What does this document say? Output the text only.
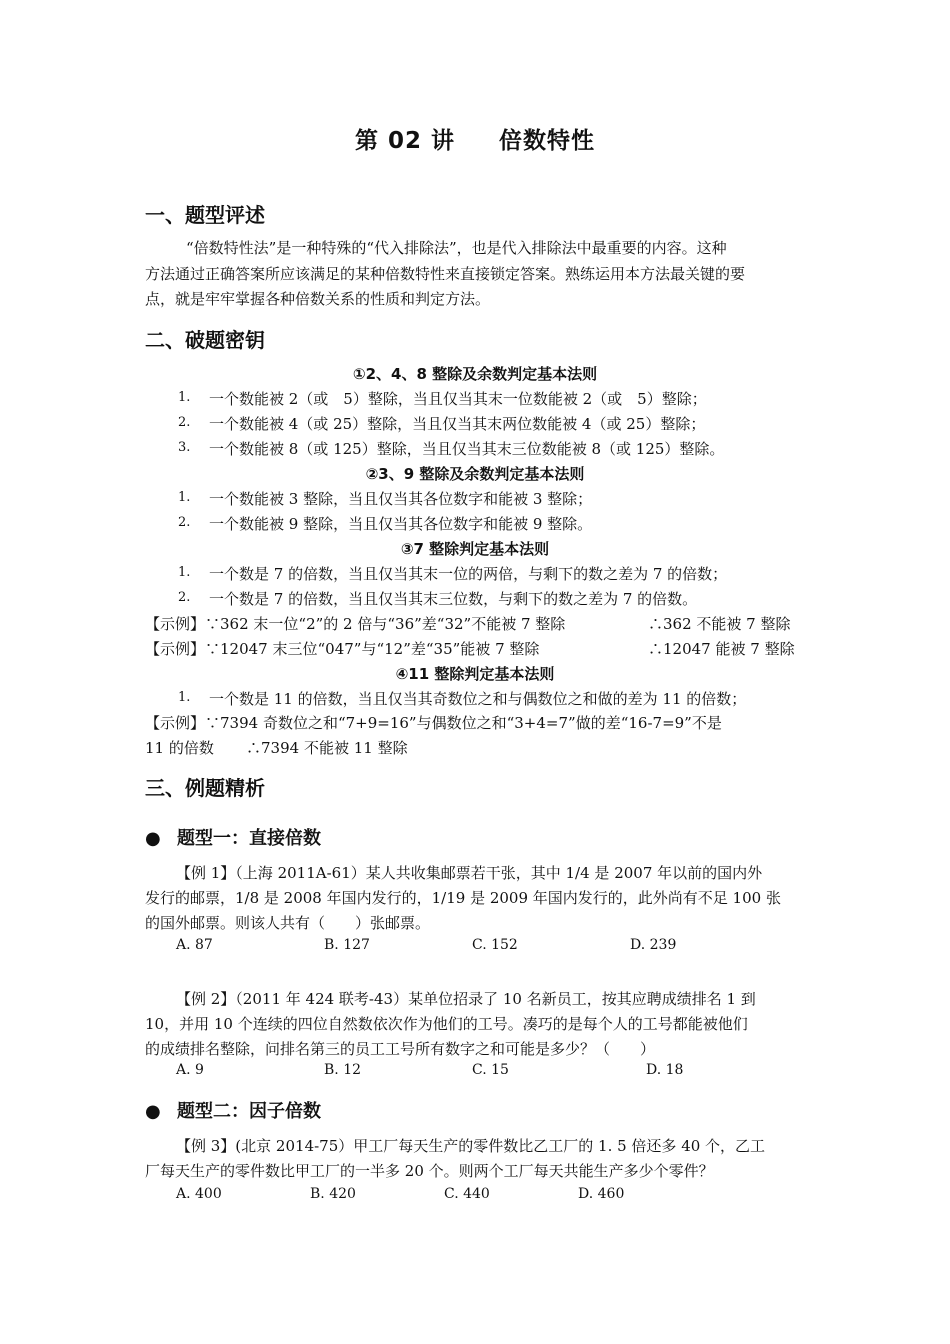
第 02 讲 倍数特性
一、题型评述
“倍数特性法”是一种特殊的“代入排除法”，也是代入排除法中最重要的内容。这种
方法通过正确答案所应该满足的某种倍数特性来直接锁定答案。熟练运用本方法最关键的要
点，就是牢牢掌握各种倍数关系的性质和判定方法。
二、破题密钥
①2、4、8 整除及余数判定基本法则
1. 一个数能被 2（或　5）整除，当且仅当其末一位数能被 2（或　5）整除；
2. 一个数能被 4（或 25）整除，当且仅当其末两位数能被 4（或 25）整除；
3. 一个数能被 8（或 125）整除，当且仅当其末三位数能被 8（或 125）整除。
②3、9 整除及余数判定基本法则
1. 一个数能被 3 整除，当且仅当其各位数字和能被 3 整除；
2. 一个数能被 9 整除，当且仅当其各位数字和能被 9 整除。
③7 整除判定基本法则
1. 一个数是 7 的倍数，当且仅当其末一位的两倍，与剩下的数之差为 7 的倍数；
2. 一个数是 7 的倍数，当且仅当其末三位数，与剩下的数之差为 7 的倍数。
【示例】∵362 末一位“2”的 2 倍与“36”差“32”不能被 7 整除	∴362 不能被 7 整除
【示例】∵12047 末三位“047”与“12”差“35”能被 7 整除	∴12047 能被 7 整除
④11 整除判定基本法则
1. 一个数是 11 的倍数，当且仅当其奇数位之和与偶数位之和做的差为 11 的倍数；
【示例】∵7394 奇数位之和“7+9=16”与偶数位之和“3+4=7”做的差“16-7=9”不是
11 的倍数 ∴7394 不能被 11 整除
三、例题精析
● 题型一：直接倍数
【例 1】（上海 2011A-61）某人共收集邮票若干张，其中 1/4 是 2007 年以前的国内外
发行的邮票，1/8 是 2008 年国内发行的，1/19 是 2009 年国内发行的，此外尚有不足 100 张
的国外邮票。则该人共有（　　）张邮票。
A. 87	B. 127	C. 152	D. 239
【例 2】（2011 年 424 联考-43）某单位招录了 10 名新员工，按其应聘成绩排名 1 到
10，并用 10 个连续的四位自然数依次作为他们的工号。凑巧的是每个人的工号都能被他们
的成绩排名整除，问排名第三的员工工号所有数字之和可能是多少？（　　）
A. 9	B. 12	C. 15	D. 18
● 题型二：因子倍数
【例 3】(北京 2014-75）甲工厂每天生产的零件数比乙工厂的 1. 5 倍还多 40 个，乙工
厂每天生产的零件数比甲工厂的一半多 20 个。则两个工厂每天共能生产多少个零件？
A. 400	B. 420	C. 440	D. 460
